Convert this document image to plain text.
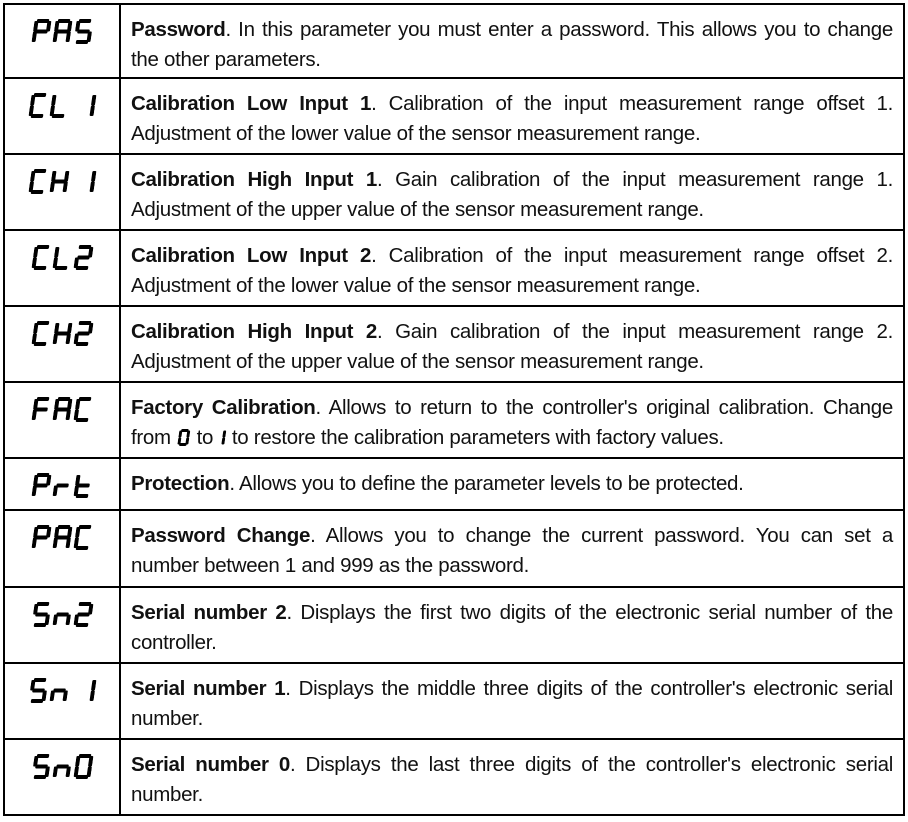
Password. In this parameter you must enter a password. This allows you to change the other parameters.
Calibration Low Input 1. Calibration of the input measurement range offset 1. Adjustment of the lower value of the sensor measurement range.
Calibration High Input 1. Gain calibration of the input measurement range 1. Adjustment of the upper value of the sensor measurement range.
Calibration Low Input 2. Calibration of the input measurement range offset 2. Adjustment of the lower value of the sensor measurement range.
Calibration High Input 2. Gain calibration of the input measurement range 2. Adjustment of the upper value of the sensor measurement range.
Factory Calibration. Allows to return to the controller's original calibration. Change from  to  to restore the calibration parameters with factory values.
Protection. Allows you to define the parameter levels to be protected.
Password Change. Allows you to change the current password. You can set a number between 1 and 999 as the password.
Serial number 2. Displays the first two digits of the electronic serial number of the controller.
Serial number 1. Displays the middle three digits of the controller's electronic serial number.
Serial number 0. Displays the last three digits of the controller's electronic serial number.
